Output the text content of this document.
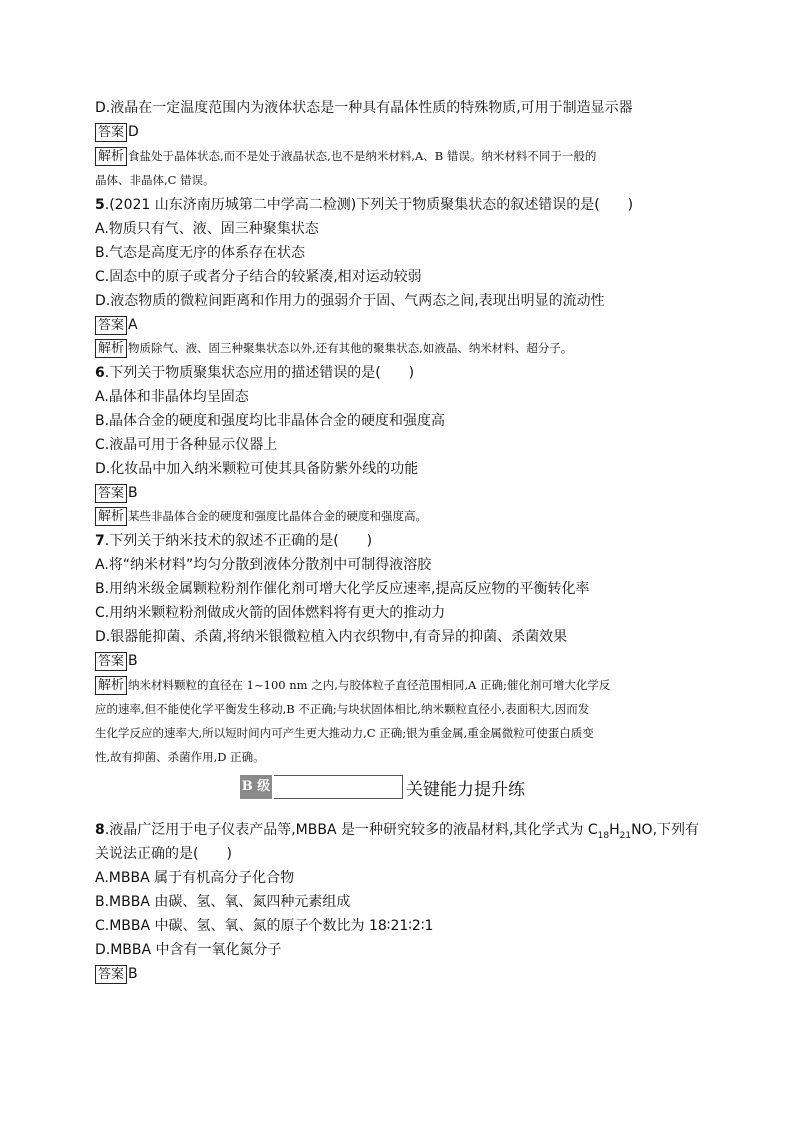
D.液晶在一定温度范围内为液体状态是一种具有晶体性质的特殊物质,可用于制造显示器
答案 D
解析 食盐处于晶体状态,而不是处于液晶状态,也不是纳米材料,A、B 错误。纳米材料不同于一般的
晶体、非晶体,C 错误。
5.(2021 山东济南历城第二中学高二检测)下列关于物质聚集状态的叙述错误的是(　　)
A.物质只有气、液、固三种聚集状态
B.气态是高度无序的体系存在状态
C.固态中的原子或者分子结合的较紧凑,相对运动较弱
D.液态物质的微粒间距离和作用力的强弱介于固、气两态之间,表现出明显的流动性
答案 A
解析 物质除气、液、固三种聚集状态以外,还有其他的聚集状态,如液晶、纳米材料、超分子。
6.下列关于物质聚集状态应用的描述错误的是(　　)
A.晶体和非晶体均呈固态
B.晶体合金的硬度和强度均比非晶体合金的硬度和强度高
C.液晶可用于各种显示仪器上
D.化妆品中加入纳米颗粒可使其具备防紫外线的功能
答案 B
解析 某些非晶体合金的硬度和强度比晶体合金的硬度和强度高。
7.下列关于纳米技术的叙述不正确的是(　　)
A.将“纳米材料”均匀分散到液体分散剂中可制得液溶胶
B.用纳米级金属颗粒粉剂作催化剂可增大化学反应速率,提高反应物的平衡转化率
C.用纳米颗粒粉剂做成火箭的固体燃料将有更大的推动力
D.银器能抑菌、杀菌,将纳米银微粒植入内衣织物中,有奇异的抑菌、杀菌效果
答案 B
解析 纳米材料颗粒的直径在 1~100 nm 之内,与胶体粒子直径范围相同,A 正确;催化剂可增大化学反
应的速率,但不能使化学平衡发生移动,B 不正确;与块状固体相比,纳米颗粒直径小,表面积大,因而发
生化学反应的速率大,所以短时间内可产生更大推动力,C 正确;银为重金属,重金属微粒可使蛋白质变
性,故有抑菌、杀菌作用,D 正确。
B 级	关键能力提升练
8.液晶广泛用于电子仪表产品等,MBBA 是一种研究较多的液晶材料,其化学式为 $C_{18}H_{21}NO$,下列有
关说法正确的是(　　)
A.MBBA 属于有机高分子化合物
B.MBBA 由碳、氢、氧、氮四种元素组成
C.MBBA 中碳、氢、氧、氮的原子个数比为 18∶21∶2∶1
D.MBBA 中含有一氧化氮分子
答案 B
